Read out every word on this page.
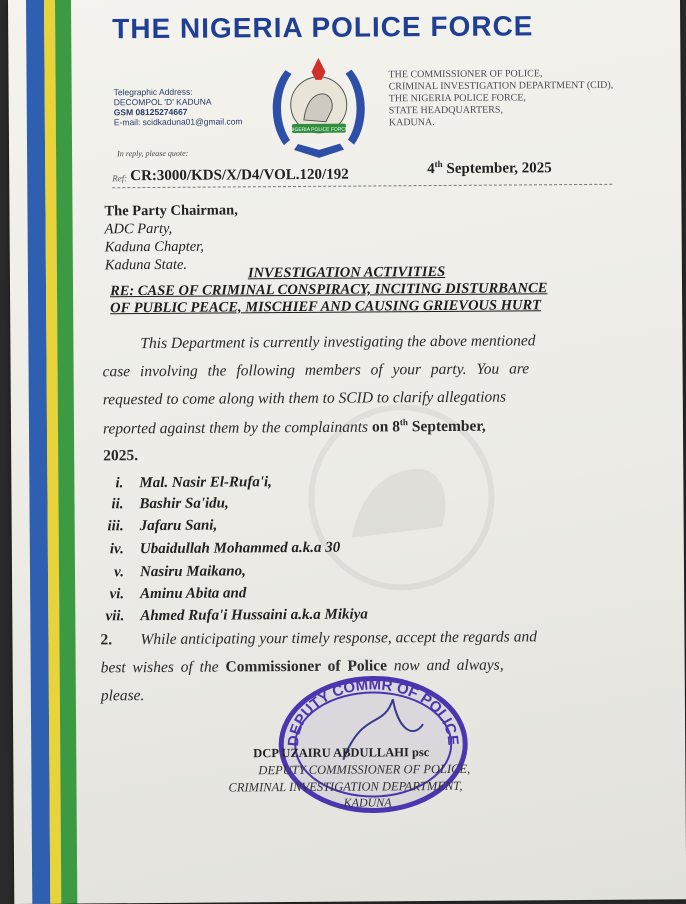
THE NIGERIA POLICE FORCE
Telegraphic Address:
DECOMPOL 'D' KADUNA
GSM 08125274667
E-mail: scidkaduna01@gmail.com
In reply, please quote:
NIGERIA POLICE FORCE
THE COMMISSIONER OF POLICE,
CRIMINAL INVESTIGATION DEPARTMENT (CID),
THE NIGERIA POLICE FORCE,
STATE HEADQUARTERS,
KADUNA.
Ref: CR:3000/KDS/X/D4/VOL.120/192	4th September, 2025
The Party Chairman,
ADC Party,
Kaduna Chapter,
Kaduna State.	INVESTIGATION ACTIVITIES
RE: CASE OF CRIMINAL CONSPIRACY, INCITING DISTURBANCE
OF PUBLIC PEACE, MISCHIEF AND CAUSING GRIEVOUS HURT
This Department is currently investigating the above mentioned
case involving the following members of your party. You are
requested to come along with them to SCID to clarify allegations
reported against them by the complainants on 8th September,
2025.
i. Mal. Nasir El-Rufa'i,
ii. Bashir Sa'idu,
iii. Jafaru Sani,
iv. Ubaidullah Mohammed a.k.a 30
v. Nasiru Maikano,
vi. Aminu Abita and
vii. Ahmed Rufa'i Hussaini a.k.a Mikiya
2. While anticipating your timely response, accept the regards and
best wishes of the Commissioner of Police now and always,
please.
DEPUTY COMMR OF POLICE
DCP UZAIRU ABDULLAHI psc
DEPUTY COMMISSIONER OF POLICE,
CRIMINAL INVESTIGATION DEPARTMENT,
KADUNA
